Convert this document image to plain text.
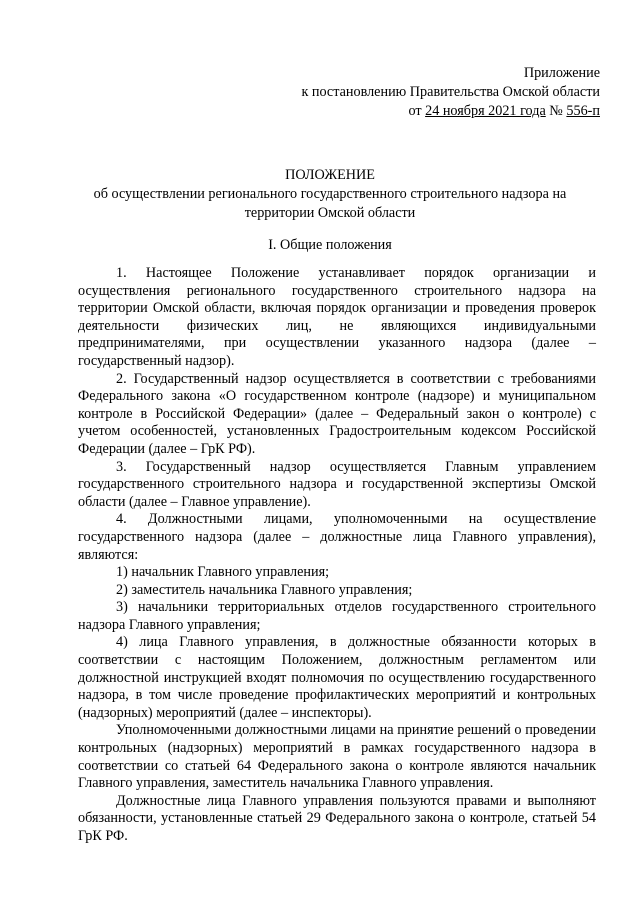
Приложение
к постановлению Правительства Омской области
от 24 ноября 2021 года № 556-п
ПОЛОЖЕНИЕ
об осуществлении регионального государственного строительного надзора на
территории Омской области
I. Общие положения

1. Настоящее Положение устанавливает порядок организации и осуществления регионального государственного строительного надзора на территории Омской области, включая порядок организации и проведения проверок деятельности физических лиц, не являющихся индивидуальными предпринимателями, при осуществлении указанного надзора (далее – государственный надзор).

2. Государственный надзор осуществляется в соответствии с требованиями Федерального закона «О государственном контроле (надзоре) и муниципальном контроле в Российской Федерации» (далее – Федеральный закон о контроле) с учетом особенностей, установленных Градостроительным кодексом Российской Федерации (далее – ГрК РФ).

3. Государственный надзор осуществляется Главным управлением государственного строительного надзора и государственной экспертизы Омской области (далее – Главное управление).

4. Должностными лицами, уполномоченными на осуществление государственного надзора (далее – должностные лица Главного управления), являются:

1) начальник Главного управления;

2) заместитель начальника Главного управления;

3) начальники территориальных отделов государственного строительного надзора Главного управления;

4) лица Главного управления, в должностные обязанности которых в соответствии с настоящим Положением, должностным регламентом или должностной инструкцией входят полномочия по осуществлению государственного надзора, в том числе проведение профилактических мероприятий и контрольных (надзорных) мероприятий (далее – инспекторы).

Уполномоченными должностными лицами на принятие решений о проведении контрольных (надзорных) мероприятий в рамках государственного надзора в соответствии со статьей 64 Федерального закона о контроле являются начальник Главного управления, заместитель начальника Главного управления.

Должностные лица Главного управления пользуются правами и выполняют обязанности, установленные статьей 29 Федерального закона о контроле, статьей 54 ГрК РФ.
